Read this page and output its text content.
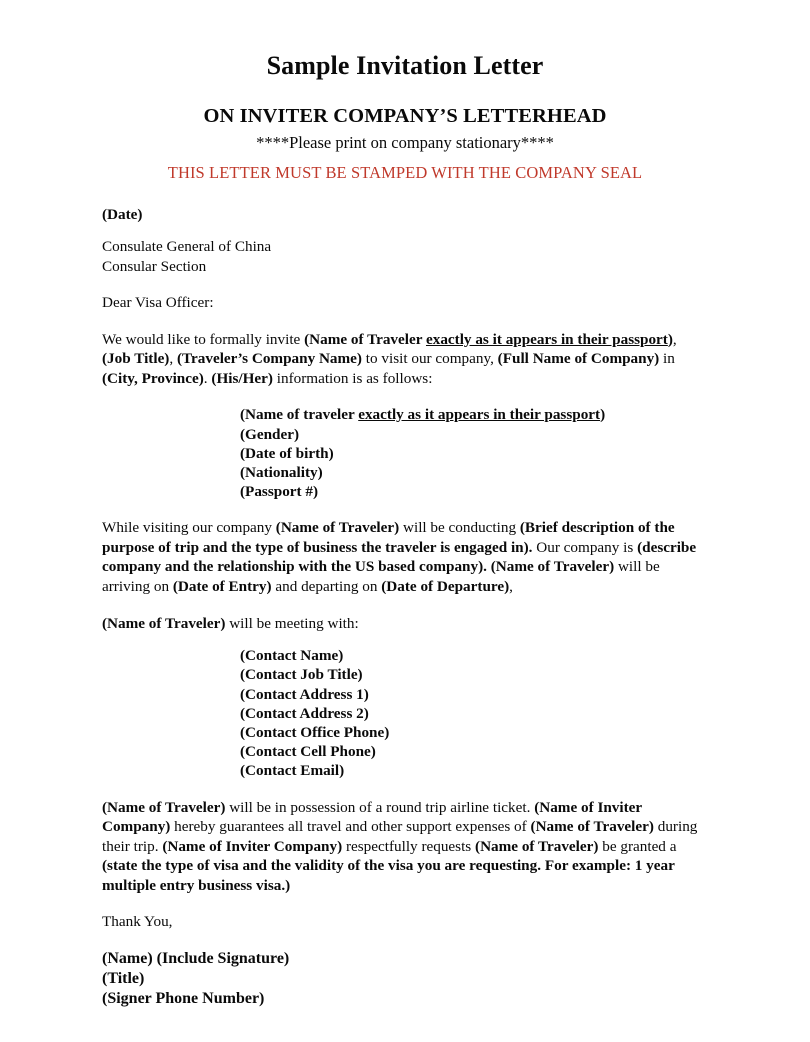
Sample Invitation Letter
ON INVITER COMPANY’S LETTERHEAD
****Please print on company stationary****
THIS LETTER MUST BE STAMPED WITH THE COMPANY SEAL
(Date)
Consulate General of China
Consular Section
Dear Visa Officer:

We would like to formally invite (Name of Traveler exactly as it appears in their passport), (Job Title), (Traveler’s Company Name) to visit our company, (Full Name of Company) in (City, Province). (His/Her) information is as follows:

(Name of traveler exactly as it appears in their passport)
(Gender)
(Date of birth)
(Nationality)
(Passport #)

While visiting our company (Name of Traveler) will be conducting (Brief description of the purpose of trip and the type of business the traveler is engaged in). Our company is (describe company and the relationship with the US based company). (Name of Traveler) will be arriving on (Date of Entry) and departing on (Date of Departure),

(Name of Traveler) will be meeting with:

(Contact Name)
(Contact Job Title)
(Contact Address 1)
(Contact Address 2)
(Contact Office Phone)
(Contact Cell Phone)
(Contact Email)

(Name of Traveler) will be in possession of a round trip airline ticket. (Name of Inviter Company) hereby guarantees all travel and other support expenses of (Name of Traveler) during their trip. (Name of Inviter Company) respectfully requests (Name of Traveler) be granted a (state the type of visa and the validity of the visa you are requesting. For example: 1 year multiple entry business visa.)

Thank You,
(Name) (Include Signature)
(Title)
(Signer Phone Number)
